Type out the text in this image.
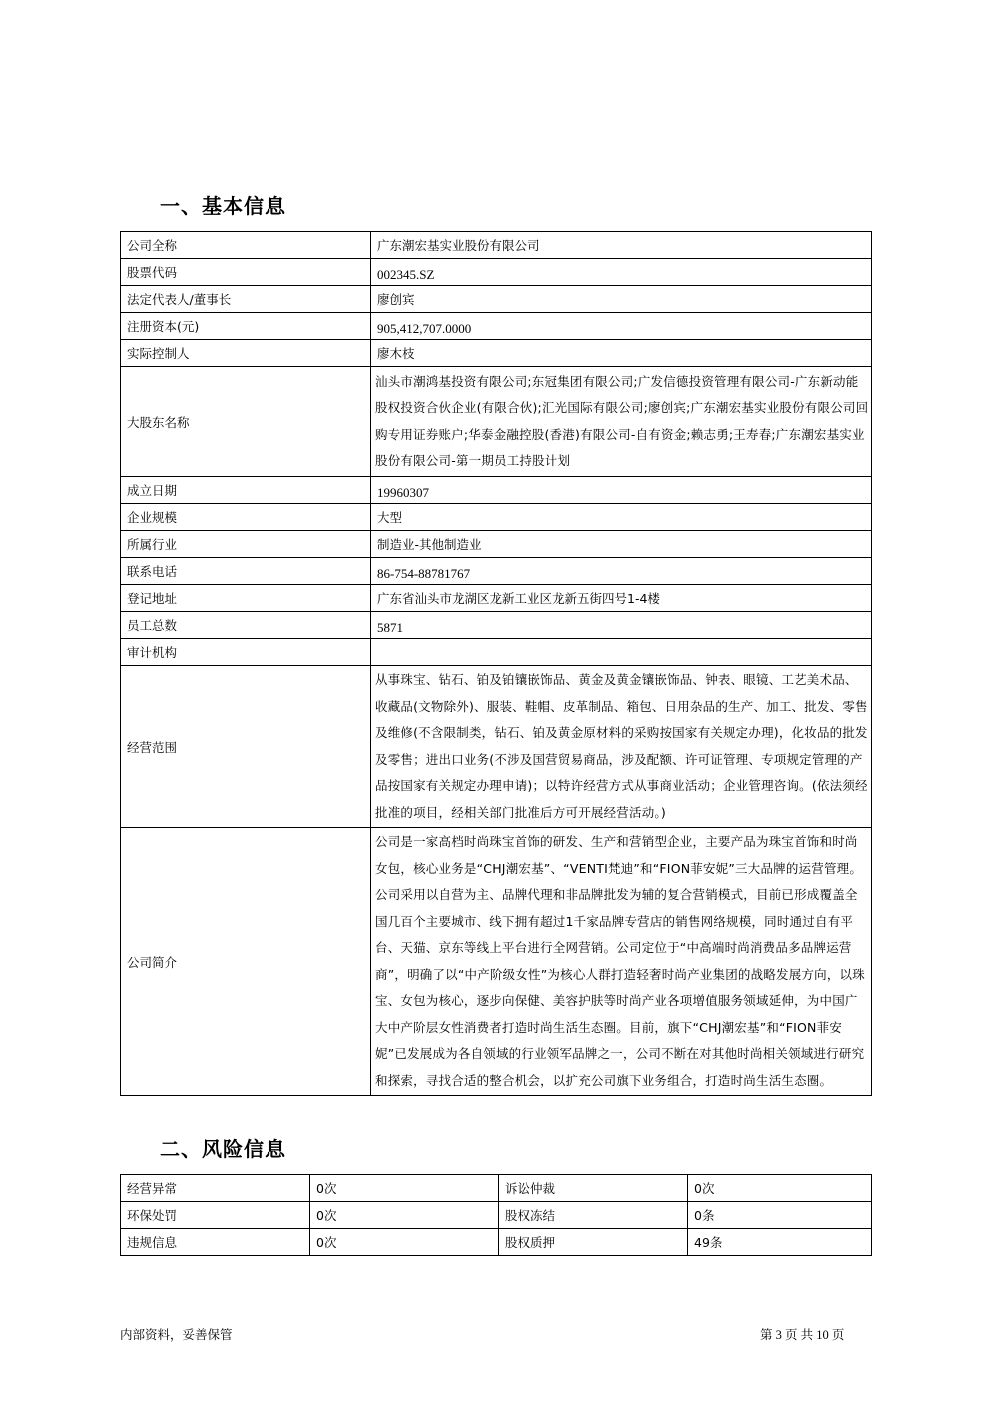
一、基本信息
公司全称	广东潮宏基实业股份有限公司
股票代码	002345.SZ
法定代表人/董事长	廖创宾
注册资本(元)	905,412,707.0000
实际控制人	廖木枝
大股东名称	汕头市潮鸿基投资有限公司;东冠集团有限公司;广发信德投资管理有限公司-广东新动能股权投资合伙企业(有限合伙);汇光国际有限公司;廖创宾;广东潮宏基实业股份有限公司回购专用证券账户;华泰金融控股(香港)有限公司-自有资金;赖志勇;王寿春;广东潮宏基实业股份有限公司-第一期员工持股计划
成立日期	19960307
企业规模	大型
所属行业	制造业-其他制造业
联系电话	86-754-88781767
登记地址	广东省汕头市龙湖区龙新工业区龙新五街四号1-4楼
员工总数	5871
审计机构	
经营范围	从事珠宝、钻石、铂及铂镶嵌饰品、黄金及黄金镶嵌饰品、钟表、眼镜、工艺美术品、收藏品(文物除外)、服装、鞋帽、皮革制品、箱包、日用杂品的生产、加工、批发、零售及维修(不含限制类，钻石、铂及黄金原材料的采购按国家有关规定办理)，化妆品的批发及零售；进出口业务(不涉及国营贸易商品，涉及配额、许可证管理、专项规定管理的产品按国家有关规定办理申请)；以特许经营方式从事商业活动；企业管理咨询。(依法须经批准的项目，经相关部门批准后方可开展经营活动。)
公司简介	公司是一家高档时尚珠宝首饰的研发、生产和营销型企业，主要产品为珠宝首饰和时尚女包，核心业务是“CHJ潮宏基”、“VENTI梵迪”和“FION菲安妮”三大品牌的运营管理。公司采用以自营为主、品牌代理和非品牌批发为辅的复合营销模式，目前已形成覆盖全国几百个主要城市、线下拥有超过1千家品牌专营店的销售网络规模，同时通过自有平台、天猫、京东等线上平台进行全网营销。公司定位于“中高端时尚消费品多品牌运营商”，明确了以“中产阶级女性”为核心人群打造轻奢时尚产业集团的战略发展方向，以珠宝、女包为核心，逐步向保健、美容护肤等时尚产业各项增值服务领域延伸，为中国广大中产阶层女性消费者打造时尚生活生态圈。目前，旗下“CHJ潮宏基”和“FION菲安妮”已发展成为各自领域的行业领军品牌之一，公司不断在对其他时尚相关领域进行研究和探索，寻找合适的整合机会，以扩充公司旗下业务组合，打造时尚生活生态圈。
二、风险信息
经营异常	0次	诉讼仲裁	0次
环保处罚	0次	股权冻结	0条
违规信息	0次	股权质押	49条
内部资料，妥善保管	第 3 页 共 10 页
